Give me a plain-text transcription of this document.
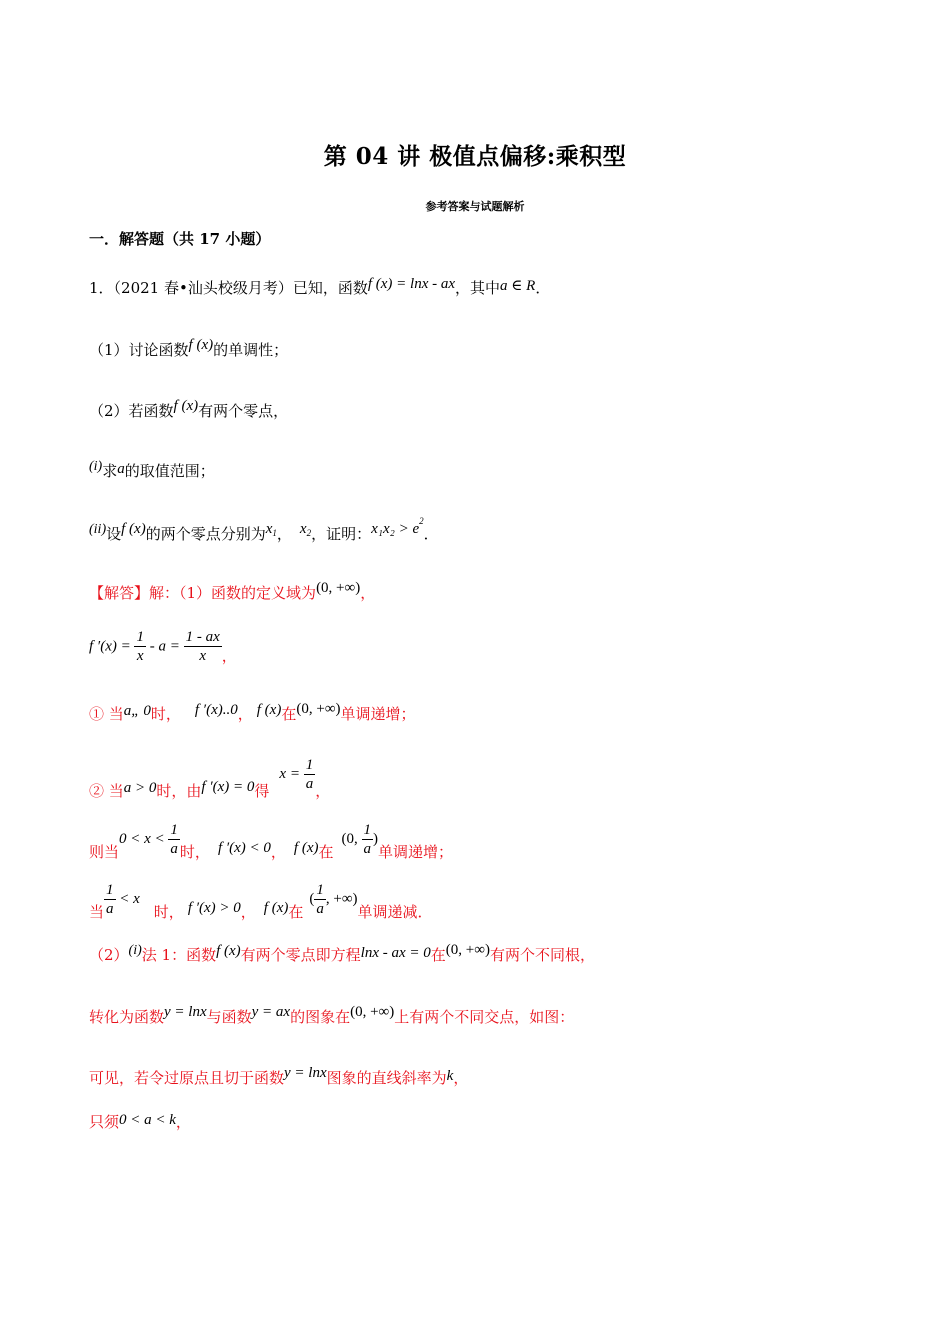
第 04 讲 极值点偏移:乘积型
参考答案与试题解析
一．解答题（共 17 小题）
1．（2021 春•汕头校级月考）已知，函数f (x) = lnx - ax，其中a ∈ R．
（1）讨论函数f (x)的单调性；
（2）若函数f (x)有两个零点，
(i)求a的取值范围；
(ii)设f (x)的两个零点分别为$x_1$， $x_2$，证明：$x_1x_2 > e^2$．
【解答】解：（1）函数的定义域为(0, +∞)，
f $'(x) = \frac{1}{x} - a = \frac{1 - ax}{x}$ ，
① 当a„ 0时， f ′(x)..0， f (x)在(0, +∞)单调递增；
② 当a > 0时，由f ′(x) = 0得$x = \frac{1}{a}$ ，
则当$0 < x < \frac{1}{a}$ 时， f ′(x) < 0， f (x)在(0, $\frac{1}{a}$ )单调递增；
当 $\frac{1}{a} < x$时， f ′(x) > 0， f (x)在( $\frac{1}{a}$ , +∞)单调递减．
（2）(i)法 1：函数f (x)有两个零点即方程lnx - ax = 0在(0, +∞)有两个不同根，
转化为函数y = lnx与函数y = ax的图象在(0, +∞)上有两个不同交点，如图：
可见，若令过原点且切于函数y = lnx图象的直线斜率为k，
只须0 < a < k，
